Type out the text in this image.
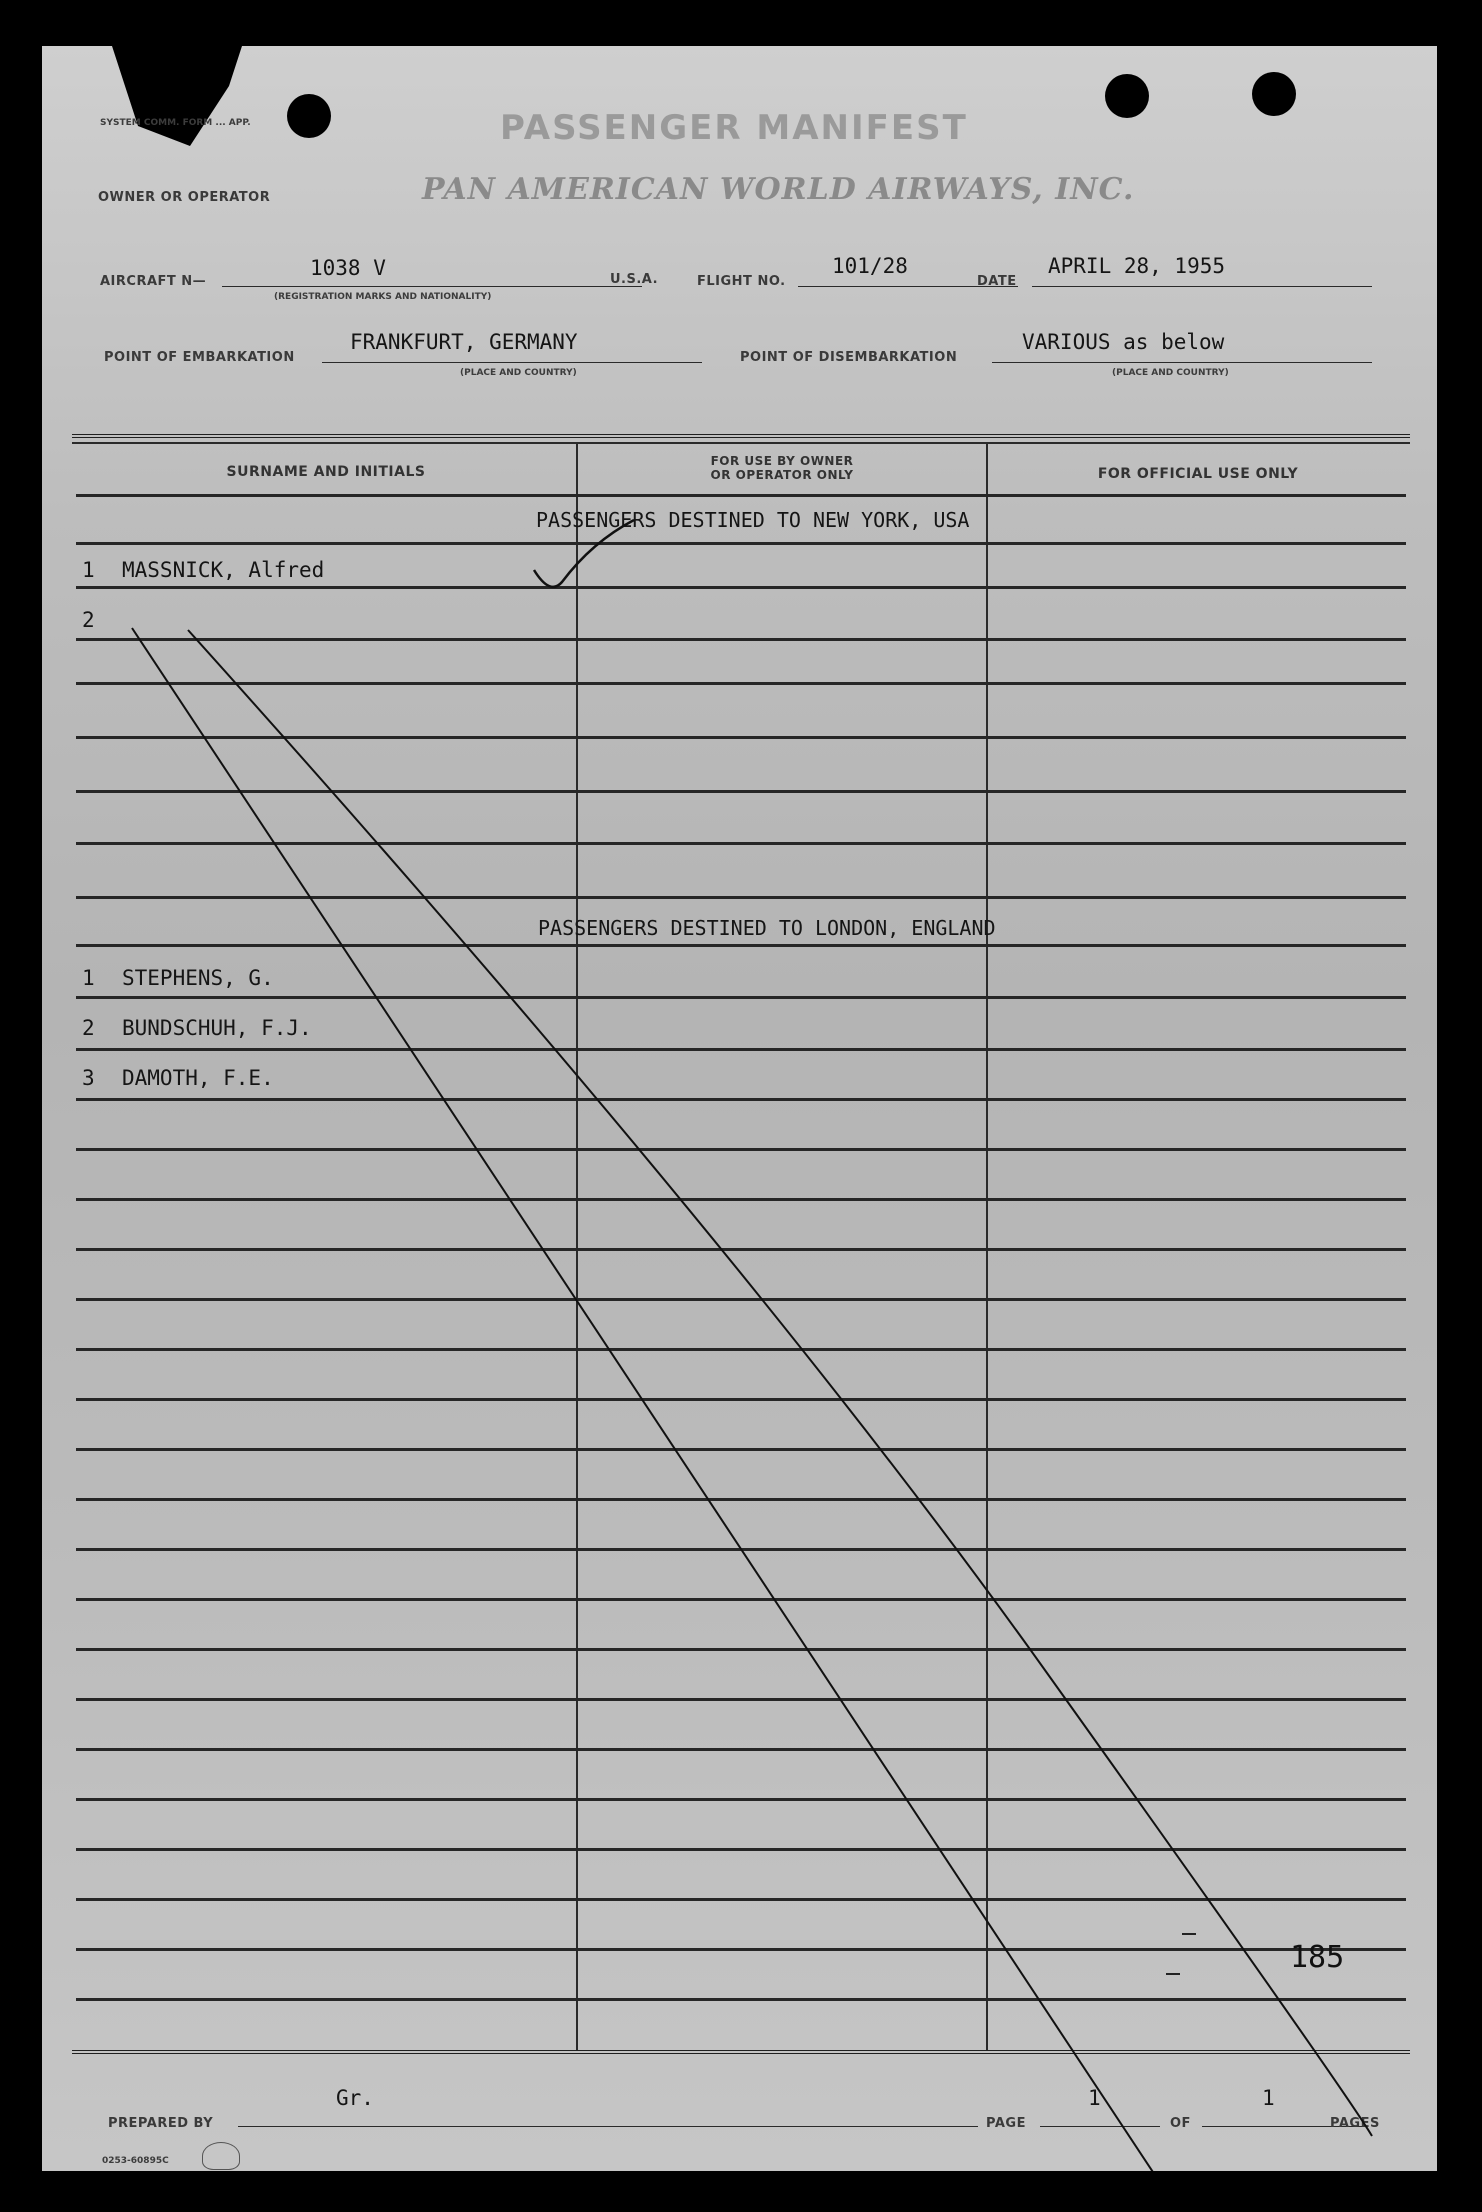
SYSTEM COMM. FORM ... APP.	PASSENGER MANIFEST
OWNER OR OPERATOR	PAN AMERICAN WORLD AIRWAYS, INC.
AIRCRAFT N—
1038 V
(REGISTRATION MARKS AND NATIONALITY)
U.S.A.	FLIGHT NO.
101/28
DATE
APRIL 28, 1955
POINT OF EMBARKATION
FRANKFURT, GERMANY
(PLACE AND COUNTRY)
POINT OF DISEMBARKATION
VARIOUS as below
(PLACE AND COUNTRY)
SURNAME AND INITIALS
FOR USE BY OWNER
OR OPERATOR ONLY	FOR OFFICIAL USE ONLY
PASSENGERS DESTINED TO NEW YORK, USA
1 MASSNICK, Alfred
2
PASSENGERS DESTINED TO LONDON, ENGLAND
1 STEPHENS, G.
2 BUNDSCHUH, F.J.
3 DAMOTH, F.E.
185
Gr.
PREPARED BY	PAGE
1
OF
1
PAGES
0253-60895C
